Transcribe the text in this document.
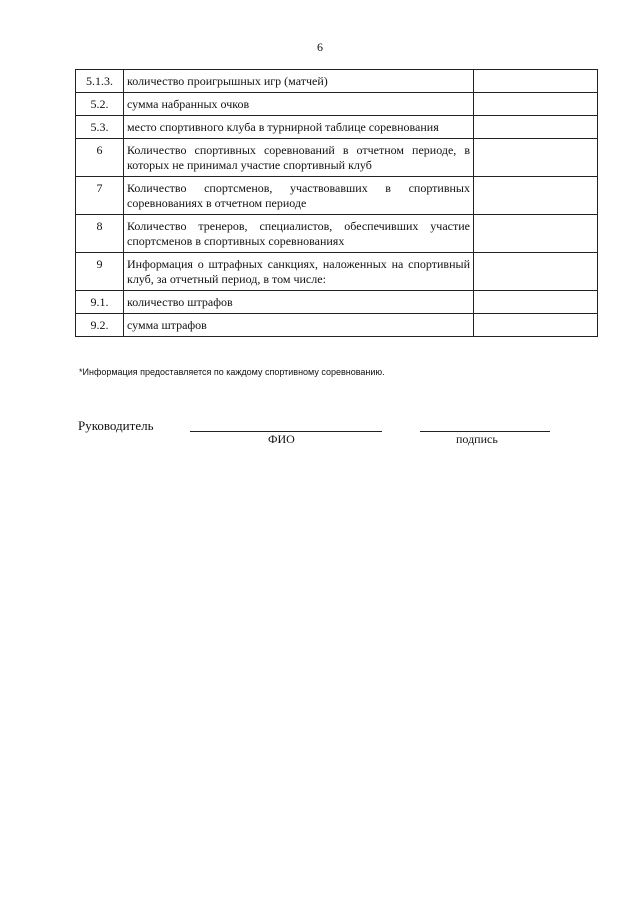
6
5.1.3.	количество проигрышных игр (матчей)	
5.2.	сумма набранных очков	
5.3.	место спортивного клуба в турнирной таблице соревнования	
6	Количество спортивных соревнований в отчетном периоде, в которых не принимал участие спортивный клуб	
7	Количество спортсменов, участвовавших в спортивных соревнованиях в отчетном периоде	
8	Количество тренеров, специалистов, обеспечивших участие спортсменов в спортивных соревнованиях	
9	Информация о штрафных санкциях, наложенных на спортивный клуб, за отчетный период, в том числе:	
9.1.	количество штрафов	
9.2.	сумма штрафов	
*Информация предоставляется по каждому спортивному соревнованию.
Руководитель
ФИО	подпись
